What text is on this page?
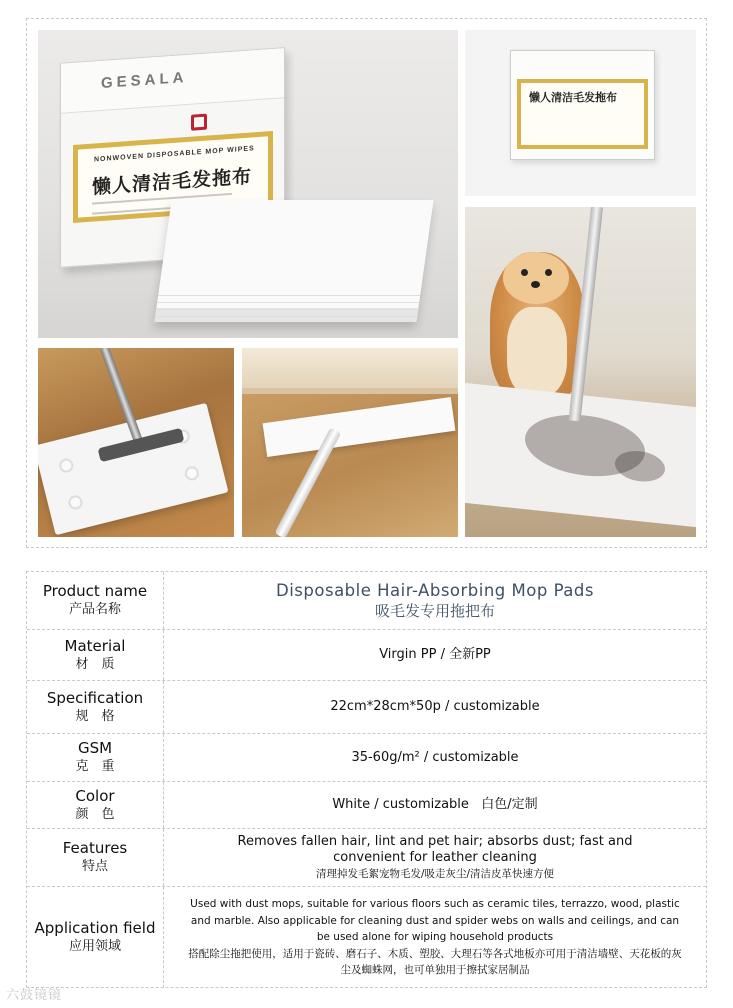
GESALA
NONWOVEN DISPOSABLE MOP WIPES
懒人清洁毛发拖布
懒人清洁毛发拖布
Product name
产品名称
Disposable Hair-Absorbing Mop Pads
吸毛发专用拖把布
Material
材　质
Virgin PP / 全新PP
Specification
规　格
22cm*28cm*50p / customizable
GSM
克　重
35-60g/m² / customizable
Color
颜　色
White / customizable   白色/定制
Features
特点
Removes fallen hair, lint and pet hair; absorbs dust; fast and convenient for leather cleaning
清理掉发毛絮宠物毛发/吸走灰尘/清洁皮革快速方便
Application field
应用领域
Used with dust mops, suitable for various floors such as ceramic tiles, terrazzo, wood, plastic and marble. Also applicable for cleaning dust and spider webs on walls and ceilings, and can be used alone for wiping household products
搭配除尘拖把使用，适用于瓷砖、磨石子、木质、塑胶、大理石等各式地板亦可用于清洁墙壁、天花板的灰尘及蜘蛛网，也可单独用于擦拭家居制品
六鼓镜镜
